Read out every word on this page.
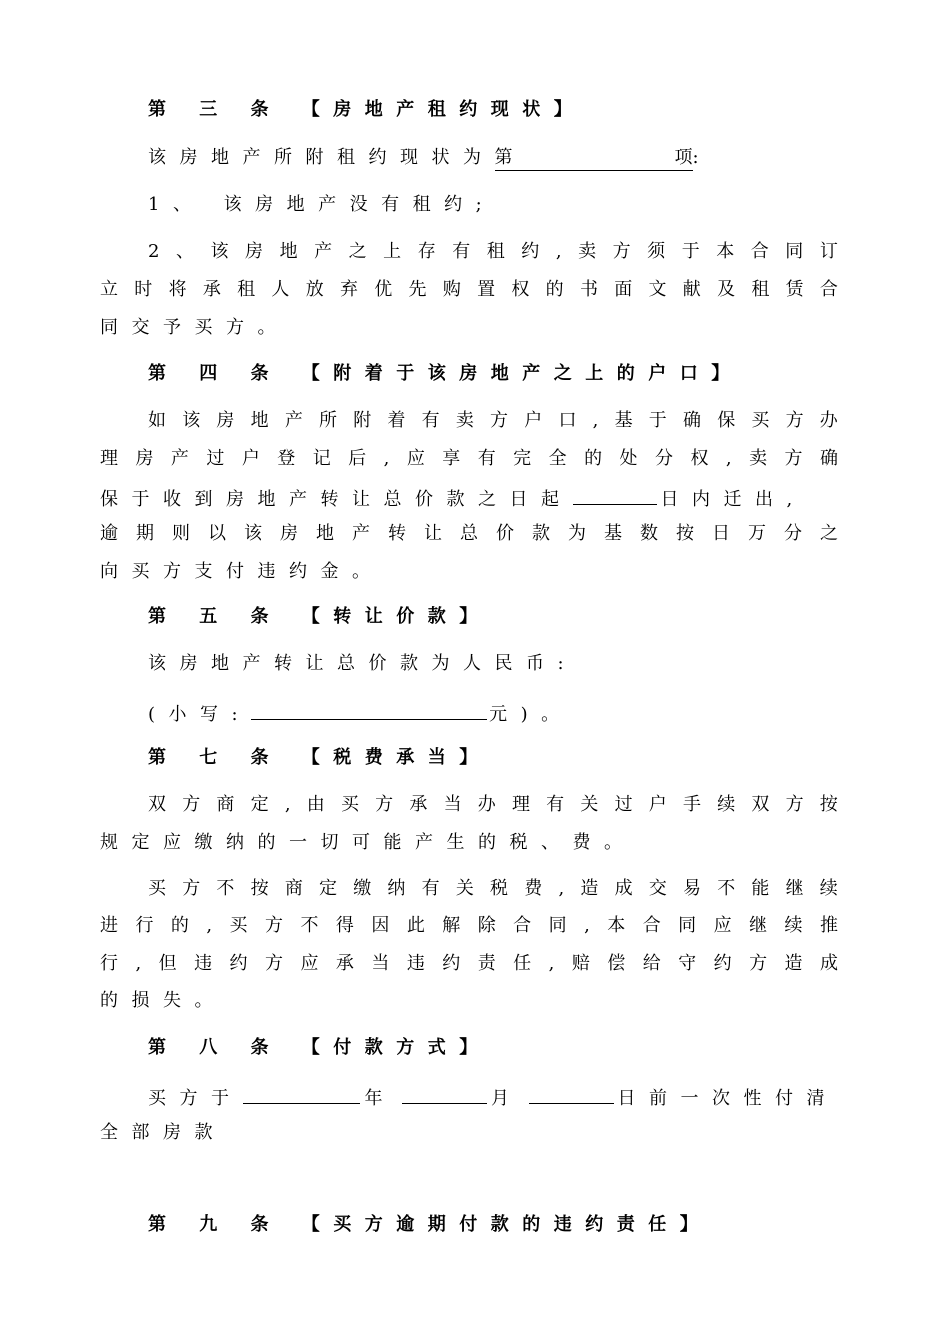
第 三 条 【房地产租约现状】
该房地产所附租约现状为第	项 :
1、 该房地产没有租约;
2 、 该 房 地 产 之 上 存 有 租 约 , 卖 方 须 于 本 合 同 订
立 时 将 承 租 人 放 弃 优 先 购 置 权 的 书 面 文 献 及 租 赁 合
同交予买方。
第 四 条 【附着于该房地产之上的户口】
如 该 房 地 产 所 附 着 有 卖 方 户 口 , 基 于 确 保 买 方 办
理 房 产 过 户 登 记 后 , 应 享 有 完 全 的 处 分 权 , 卖 方 确
保于收到房地产转让总价款之日起	日内迁出,
逾 期 则 以 该 房 地 产 转 让 总 价 款 为 基 数 按 日 万 分 之
向买方支付违约金。
第 五 条 【转让价款】
该房地产转让总价款为人民币:
(小写:	元)。
第 七 条 【税费承当】
双 方 商 定 , 由 买 方 承 当 办 理 有 关 过 户 手 续 双 方 按
规定应缴纳的一切可能产生的税、费。
买 方 不 按 商 定 缴 纳 有 关 税 费 , 造 成 交 易 不 能 继 续
进 行 的 , 买 方 不 得 因 此 解 除 合 同 , 本 合 同 应 继 续 推
行 , 但 违 约 方 应 承 当 违 约 责 任 , 赔 偿 给 守 约 方 造 成
的损失。
第 八 条 【付款方式】
买方于	年	月	日前一次性付清
全部房款
第 九 条 【买方逾期付款的违约责任】
